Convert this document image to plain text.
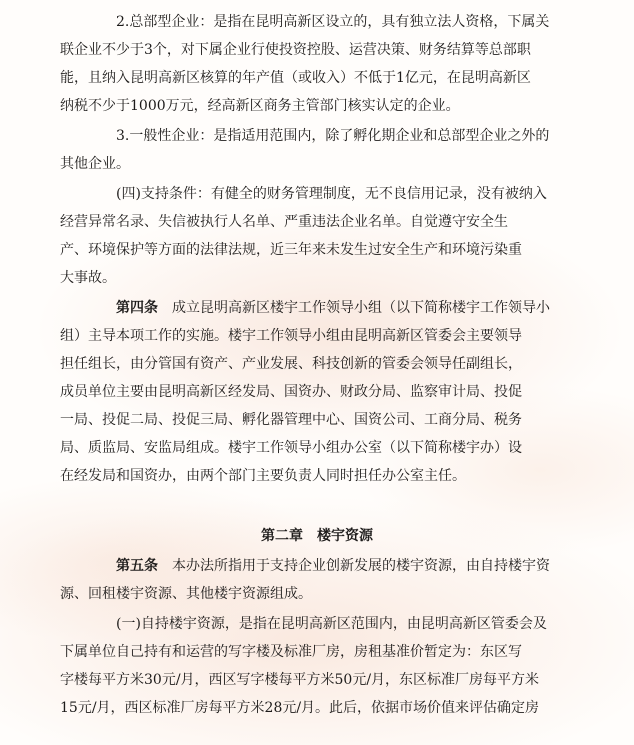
2.总部型企业：是指在昆明高新区设立的，具有独立法人资格，下属关
联企业不少于3个，对下属企业行使投资控股、运营决策、财务结算等总部职
能，且纳入昆明高新区核算的年产值（或收入）不低于1亿元，在昆明高新区
纳税不少于1000万元，经高新区商务主管部门核实认定的企业。
3.一般性企业：是指适用范围内，除了孵化期企业和总部型企业之外的
其他企业。
(四)支持条件：有健全的财务管理制度，无不良信用记录，没有被纳入
经营异常名录、失信被执行人名单、严重违法企业名单。自觉遵守安全生
产、环境保护等方面的法律法规，近三年来未发生过安全生产和环境污染重
大事故。
第四条　成立昆明高新区楼宇工作领导小组（以下简称楼宇工作领导小
组）主导本项工作的实施。楼宇工作领导小组由昆明高新区管委会主要领导
担任组长，由分管国有资产、产业发展、科技创新的管委会领导任副组长，
成员单位主要由昆明高新区经发局、国资办、财政分局、监察审计局、投促
一局、投促二局、投促三局、孵化器管理中心、国资公司、工商分局、税务
局、质监局、安监局组成。楼宇工作领导小组办公室（以下简称楼宇办）设
在经发局和国资办，由两个部门主要负责人同时担任办公室主任。
第二章　楼宇资源
第五条　本办法所指用于支持企业创新发展的楼宇资源，由自持楼宇资
源、回租楼宇资源、其他楼宇资源组成。
(一)自持楼宇资源，是指在昆明高新区范围内，由昆明高新区管委会及
下属单位自己持有和运营的写字楼及标准厂房，房租基准价暂定为：东区写
字楼每平方米30元/月，西区写字楼每平方米50元/月，东区标准厂房每平方米
15元/月，西区标准厂房每平方米28元/月。此后，依据市场价值来评估确定房
